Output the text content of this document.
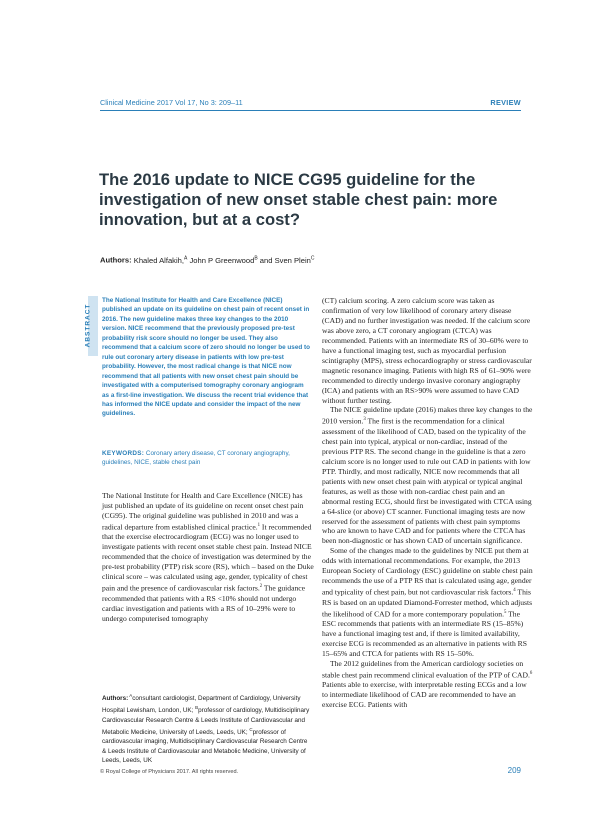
Clinical Medicine 2017 Vol 17, No 3: 209–11	REVIEW
The 2016 update to NICE CG95 guideline for the investigation of new onset stable chest pain: more innovation, but at a cost?
Authors: Khaled Alfakih,$^A$ John P Greenwood$^B$ and Sven Plein$^C$
ABSTRACT

The National Institute for Health and Care Excellence (NICE) published an update on its guideline on chest pain of recent onset in 2016. The new guideline makes three key changes to the 2010 version. NICE recommend that the previously proposed pre-test probability risk score should no longer be used. They also recommend that a calcium score of zero should no longer be used to rule out coronary artery disease in patients with low pre-test probability. However, the most radical change is that NICE now recommend that all patients with new onset chest pain should be investigated with a computerised tomography coronary angiogram as a first-line investigation. We discuss the recent trial evidence that has informed the NICE update and consider the impact of the new guidelines.

KEYWORDS: Coronary artery disease, CT coronary angiography, guidelines, NICE, stable chest pain

The National Institute for Health and Care Excellence (NICE) has just published an update of its guideline on recent onset chest pain (CG95). The original guideline was published in 2010 and was a radical departure from established clinical practice.$^1$ It recommended that the exercise electrocardiogram (ECG) was no longer used to investigate patients with recent onset stable chest pain. Instead NICE recommended that the choice of investigation was determined by the pre-test probability (PTP) risk score (RS), which – based on the Duke clinical score – was calculated using age, gender, typicality of chest pain and the presence of cardiovascular risk factors.$^2$ The guidance recommended that patients with a RS <10% should not undergo cardiac investigation and patients with a RS of 10–29% were to undergo computerised tomography

Authors: $^A$consultant cardiologist, Department of Cardiology, University Hospital Lewisham, London, UK; $^B$professor of cardiology, Multidisciplinary Cardiovascular Research Centre & Leeds Institute of Cardiovascular and Metabolic Medicine, University of Leeds, Leeds, UK; $^C$professor of cardiovascular imaging, Multidisciplinary Cardiovascular Research Centre & Leeds Institute of Cardiovascular and Metabolic Medicine, University of Leeds, Leeds, UK

(CT) calcium scoring. A zero calcium score was taken as confirmation of very low likelihood of coronary artery disease (CAD) and no further investigation was needed. If the calcium score was above zero, a CT coronary angiogram (CTCA) was recommended. Patients with an intermediate RS of 30–60% were to have a functional imaging test, such as myocardial perfusion scintigraphy (MPS), stress echocardiography or stress cardiovascular magnetic resonance imaging. Patients with high RS of 61–90% were recommended to directly undergo invasive coronary angiography (ICA) and patients with an RS>90% were assumed to have CAD without further testing.

The NICE guideline update (2016) makes three key changes to the 2010 version.$^3$ The first is the recommendation for a clinical assessment of the likelihood of CAD, based on the typicality of the chest pain into typical, atypical or non-cardiac, instead of the previous PTP RS. The second change in the guideline is that a zero calcium score is no longer used to rule out CAD in patients with low PTP. Thirdly, and most radically, NICE now recommends that all patients with new onset chest pain with atypical or typical anginal features, as well as those with non-cardiac chest pain and an abnormal resting ECG, should first be investigated with CTCA using a 64-slice (or above) CT scanner. Functional imaging tests are now reserved for the assessment of patients with chest pain symptoms who are known to have CAD and for patients where the CTCA has been non-diagnostic or has shown CAD of uncertain significance.

Some of the changes made to the guidelines by NICE put them at odds with international recommendations. For example, the 2013 European Society of Cardiology (ESC) guideline on stable chest pain recommends the use of a PTP RS that is calculated using age, gender and typicality of chest pain, but not cardiovascular risk factors.$^4$ This RS is based on an updated Diamond-Forrester method, which adjusts the likelihood of CAD for a more contemporary population.$^5$ The ESC recommends that patients with an intermediate RS (15–85%) have a functional imaging test and, if there is limited availability, exercise ECG is recommended as an alternative in patients with RS 15–65% and CTCA for patients with RS 15–50%.

The 2012 guidelines from the American cardiology societies on stable chest pain recommend clinical evaluation of the PTP of CAD.$^6$ Patients able to exercise, with interpretable resting ECGs and a low to intermediate likelihood of CAD are recommended to have an exercise ECG. Patients with

© Royal College of Physicians 2017. All rights reserved.	209
